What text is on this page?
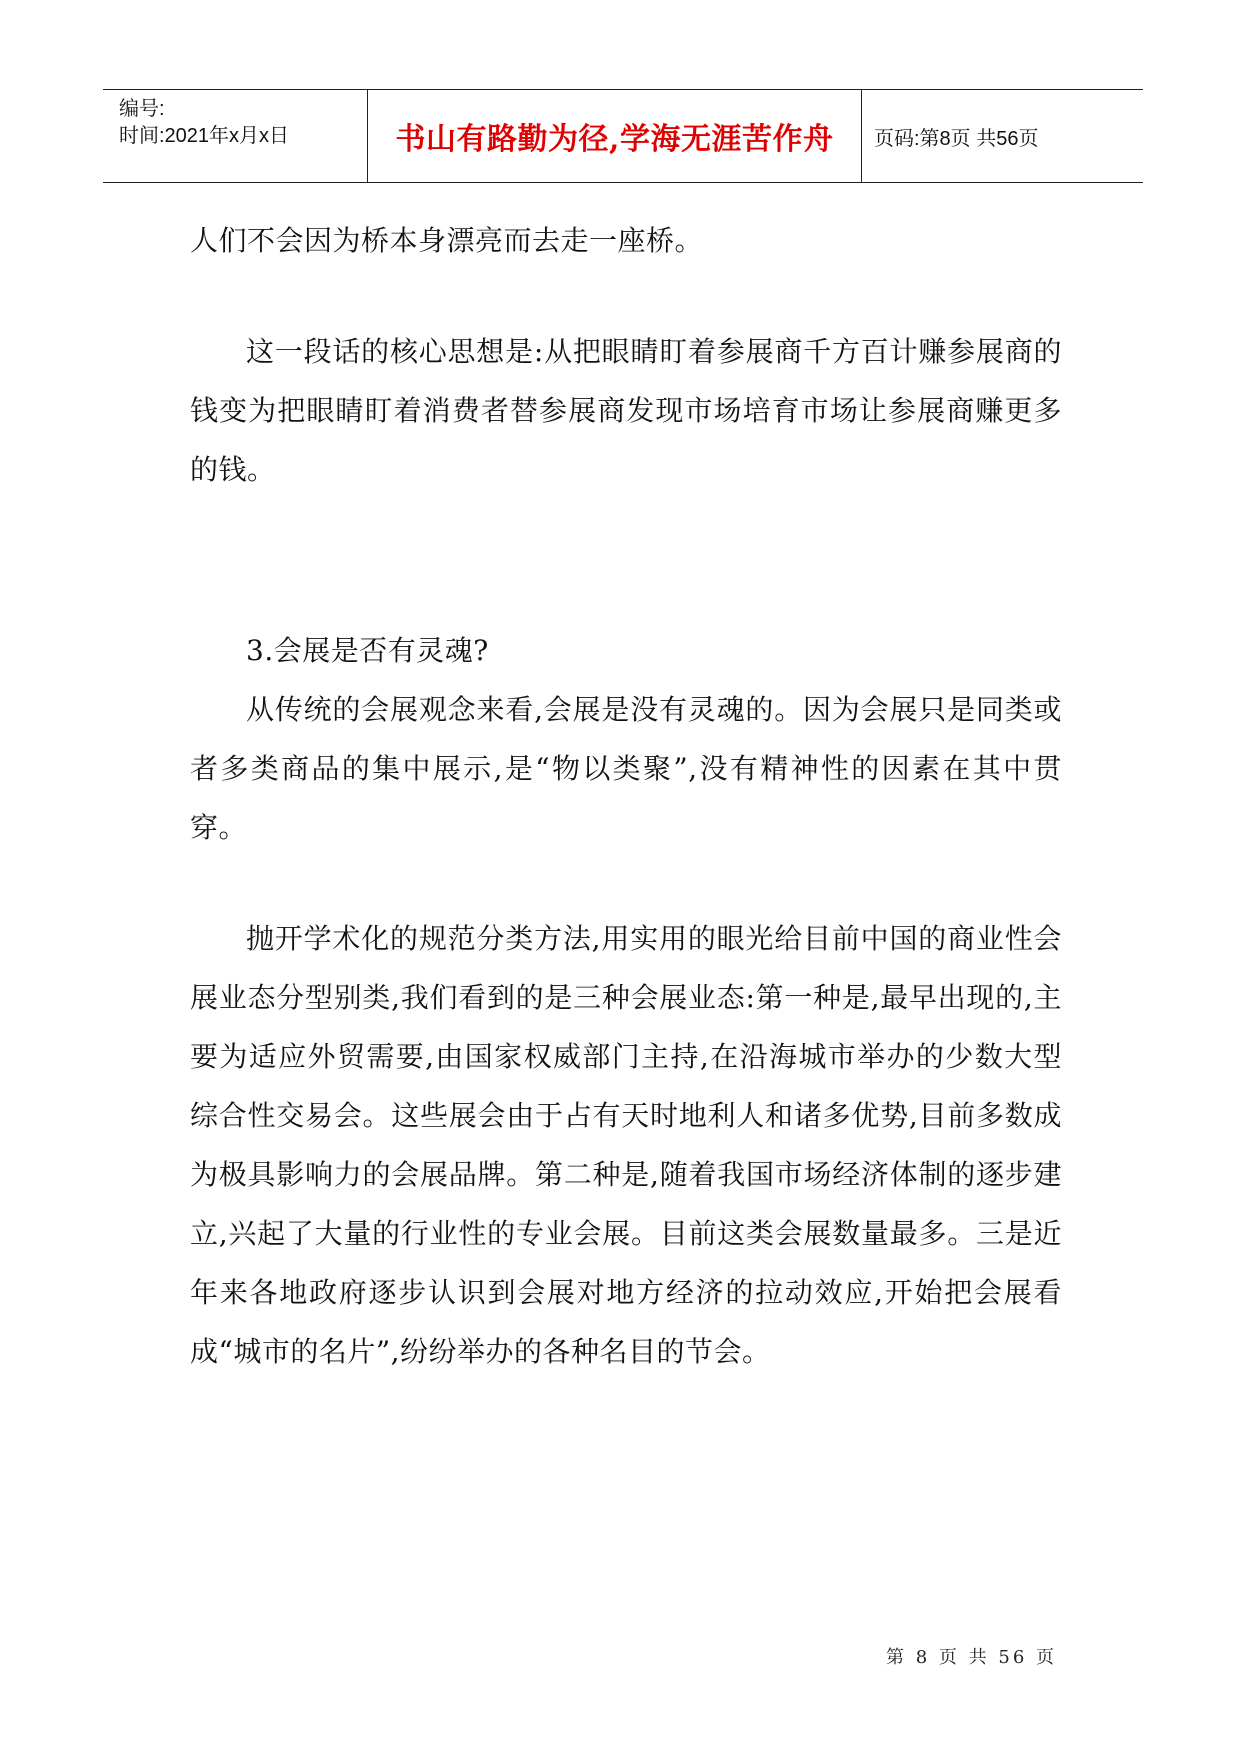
编号:
时间:2021年x月x日	书山有路勤为径,学海无涯苦作舟	页码:第8页 共56页

人们不会因为桥本身漂亮而去走一座桥。

这一段话的核心思想是:从把眼睛盯着参展商千方百计赚参展商的钱变为把眼睛盯着消费者替参展商发现市场培育市场让参展商赚更多的钱。

3.会展是否有灵魂?

从传统的会展观念来看,会展是没有灵魂的。因为会展只是同类或者多类商品的集中展示,是“物以类聚”,没有精神性的因素在其中贯穿。

抛开学术化的规范分类方法,用实用的眼光给目前中国的商业性会展业态分型别类,我们看到的是三种会展业态:第一种是,最早出现的,主要为适应外贸需要,由国家权威部门主持,在沿海城市举办的少数大型综合性交易会。这些展会由于占有天时地利人和诸多优势,目前多数成为极具影响力的会展品牌。第二种是,随着我国市场经济体制的逐步建立,兴起了大量的行业性的专业会展。目前这类会展数量最多。三是近年来各地政府逐步认识到会展对地方经济的拉动效应,开始把会展看成“城市的名片”,纷纷举办的各种名目的节会。

第 8 页 共 56 页
